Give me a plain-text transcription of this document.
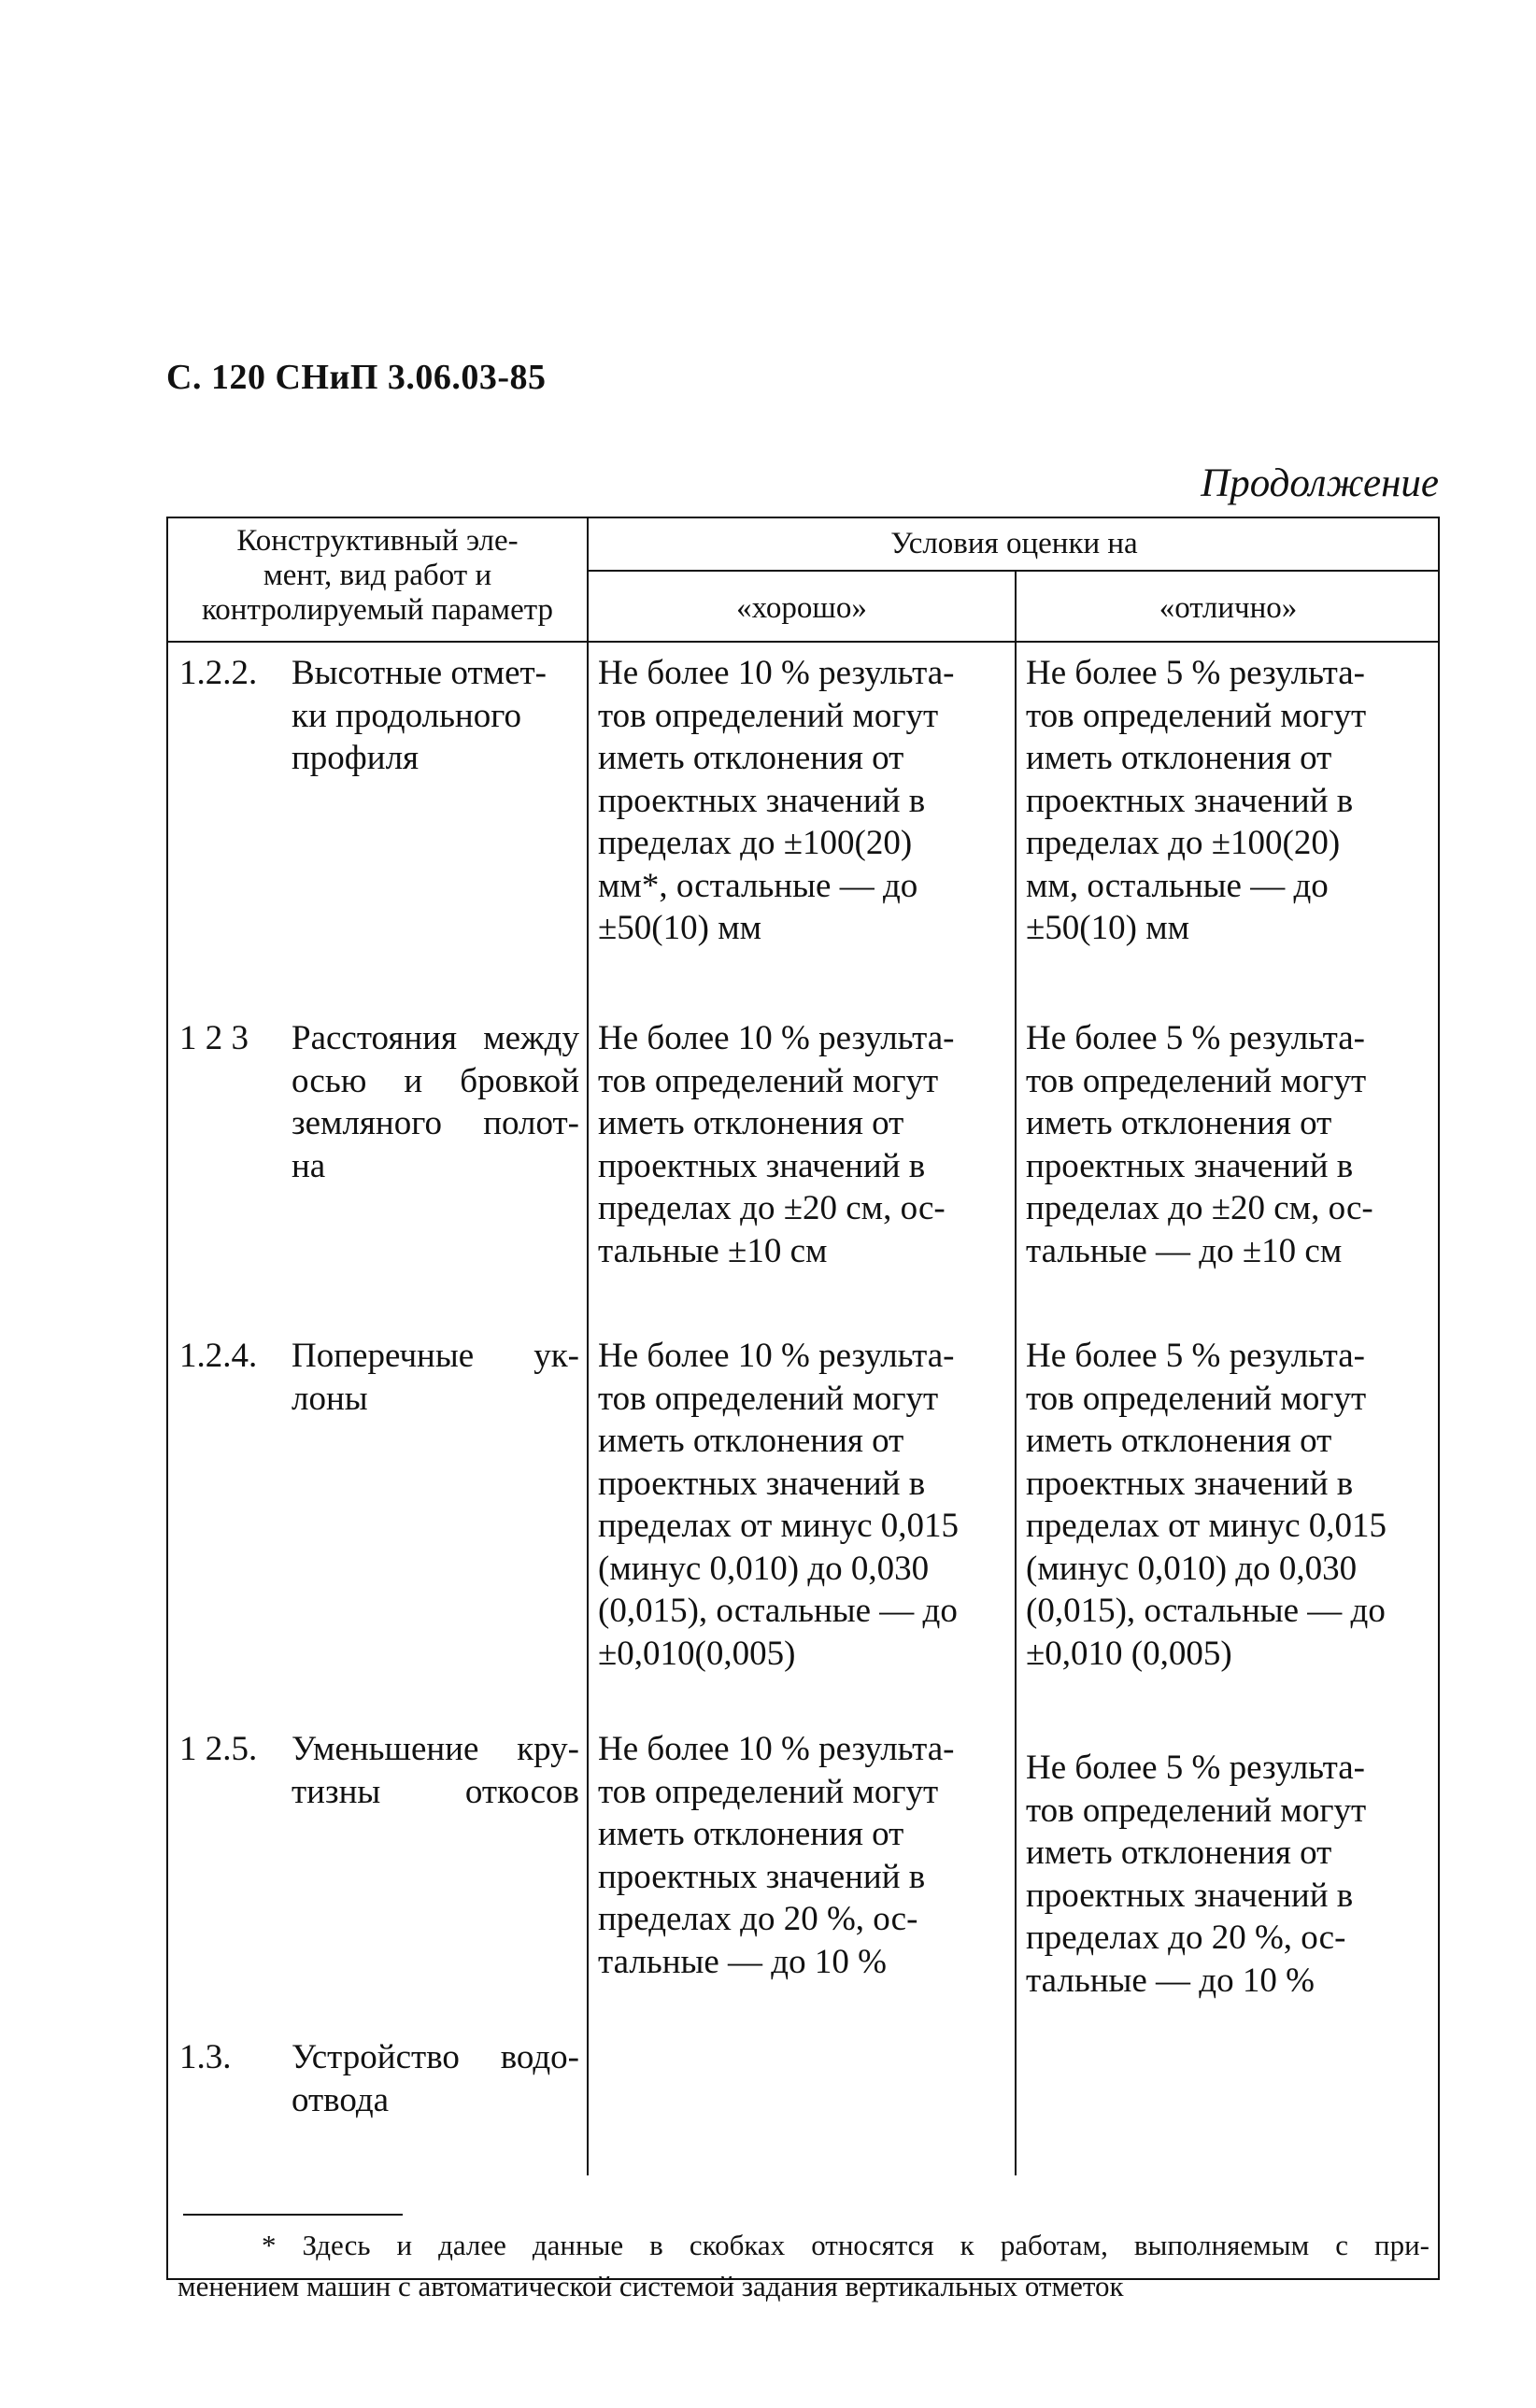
С. 120 СНиП 3.06.03-85
Продолжение
Конструктивный эле-
мент, вид работ и
контролируемый параметр
Условия оценки на
«хорошо»	«отлично»
1.2.2. Высотные отмет-
ки продольного
профиля
Не более 10 % результа-
тов определений могут
иметь отклонения от
проектных значений в
пределах до ±100(20)
мм*, остальные — до
±50(10) мм
Не более 5 % результа-
тов определений могут
иметь отклонения от
проектных значений в
пределах до ±100(20)
мм, остальные — до
±50(10) мм
1 2 3 Расстояния между
осью и бровкой
земляного полот-
на
Не более 10 % результа-
тов определений могут
иметь отклонения от
проектных значений в
пределах до ±20 см, ос-
тальные ±10 см
Не более 5 % результа-
тов определений могут
иметь отклонения от
проектных значений в
пределах до ±20 см, ос-
тальные — до ±10 см
1.2.4. Поперечные ук-
лоны
Не более 10 % результа-
тов определений могут
иметь отклонения от
проектных значений в
пределах от минус 0,015
(минус 0,010) до 0,030
(0,015), остальные — до
±0,010(0,005)
Не более 5 % результа-
тов определений могут
иметь отклонения от
проектных значений в
пределах от минус 0,015
(минус 0,010) до 0,030
(0,015), остальные — до
±0,010 (0,005)
1 2.5. Уменьшение кру-
тизны откосов
Не более 10 % результа-
тов определений могут
иметь отклонения от
проектных значений в
пределах до 20 %, ос-
тальные — до 10 %
Не более 5 % результа-
тов определений могут
иметь отклонения от
проектных значений в
пределах до 20 %, ос-
тальные — до 10 %
1.3. Устройство водо-
отвода
* Здесь и далее данные в скобках относятся к работам, выполняемым с при-
менением машин с автоматической системой задания вертикальных отметок
